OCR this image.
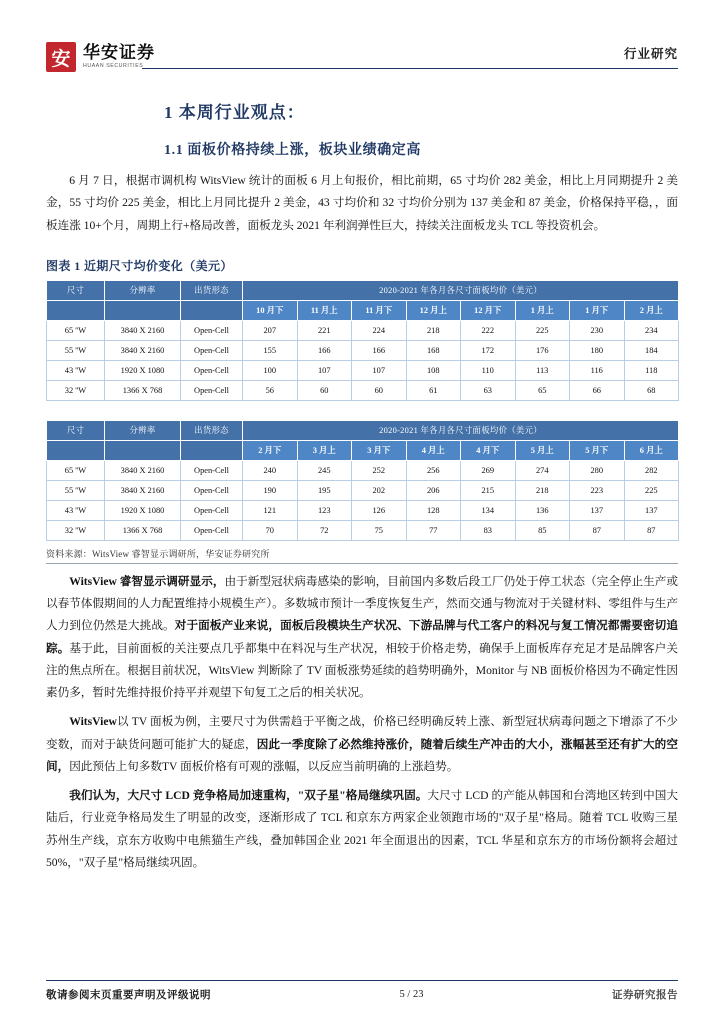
安 华安证券
HUAAN SECURITIES
行业研究
1 本周行业观点：
1.1 面板价格持续上涨，板块业绩确定高
6 月 7 日，根据市调机构 WitsView 统计的面板 6 月上旬报价，相比前期，65 寸均价 282 美金，相比上月同期提升 2 美金，55 寸均价 225 美金，相比上月同比提升 2 美金，43 寸均价和 32 寸均价分别为 137 美金和 87 美金，价格保持平稳，，面板连涨 10+个月，周期上行+格局改善，面板龙头 2021 年利润弹性巨大，持续关注面板龙头 TCL 等投资机会。
图表 1 近期尺寸均价变化（美元）
尺寸	分辨率	出货形态	2020-2021 年各月各尺寸面板均价（美元）							
			10 月下	11 月上	11 月下	12 月上	12 月下	1 月上	1 月下	2 月上
65 ''W	3840 X 2160	Open-Cell	207	221	224	218	222	225	230	234
55 ''W	3840 X 2160	Open-Cell	155	166	166	168	172	176	180	184
43 ''W	1920 X 1080	Open-Cell	100	107	107	108	110	113	116	118
32 ''W	1366 X 768	Open-Cell	56	60	60	61	63	65	66	68

尺寸	分辨率	出货形态	2020-2021 年各月各尺寸面板均价（美元）							
			2 月下	3 月上	3 月下	4 月上	4 月下	5 月上	5 月下	6 月上
65 ''W	3840 X 2160	Open-Cell	240	245	252	256	269	274	280	282
55 ''W	3840 X 2160	Open-Cell	190	195	202	206	215	218	223	225
43 ''W	1920 X 1080	Open-Cell	121	123	126	128	134	136	137	137
32 ''W	1366 X 768	Open-Cell	70	72	75	77	83	85	87	87
资料来源：WitsView 睿智显示调研所，华安证券研究所
WitsView 睿智显示调研显示，由于新型冠状病毒感染的影响，目前国内多数后段工厂仍处于停工状态（完全停止生产或以春节体假期间的人力配置维持小规模生产）。多数城市预计一季度恢复生产，然而交通与物流对于关键材料、零组件与生产人力到位仍然是大挑战。对于面板产业来说，面板后段模块生产状况、下游品牌与代工客户的料况与复工情况都需要密切追踪。基于此，目前面板的关注要点几乎都集中在料况与生产状况，相较于价格走势，确保手上面板库存充足才是品牌客户关注的焦点所在。根据目前状况，WitsView 判断除了 TV 面板涨势延续的趋势明确外，Monitor 与 NB 面板价格因为不确定性因素仍多，暂时先维持报价持平并观望下旬复工之后的相关状况。
WitsView以 TV 面板为例，主要尺寸为供需趋于平衡之战，价格已经明确反转上涨、新型冠状病毒问题之下增添了不少变数，而对于缺货问题可能扩大的疑虑，因此一季度除了必然维持涨价，随着后续生产冲击的大小，涨幅甚至还有扩大的空间，因此预估上旬多数TV 面板价格有可观的涨幅，以反应当前明确的上涨趋势。
我们认为，大尺寸 LCD 竞争格局加速重构，"双子星"格局继续巩固。大尺寸 LCD 的产能从韩国和台湾地区转到中国大陆后，行业竞争格局发生了明显的改变，逐渐形成了 TCL 和京东方两家企业领跑市场的"双子星"格局。随着 TCL 收购三星苏州生产线，京东方收购中电熊猫生产线，叠加韩国企业 2021 年全面退出的因素，TCL 华星和京东方的市场份额将会超过 50%，"双子星"格局继续巩固。
敬请参阅末页重要声明及评级说明	5 / 23	证券研究报告
